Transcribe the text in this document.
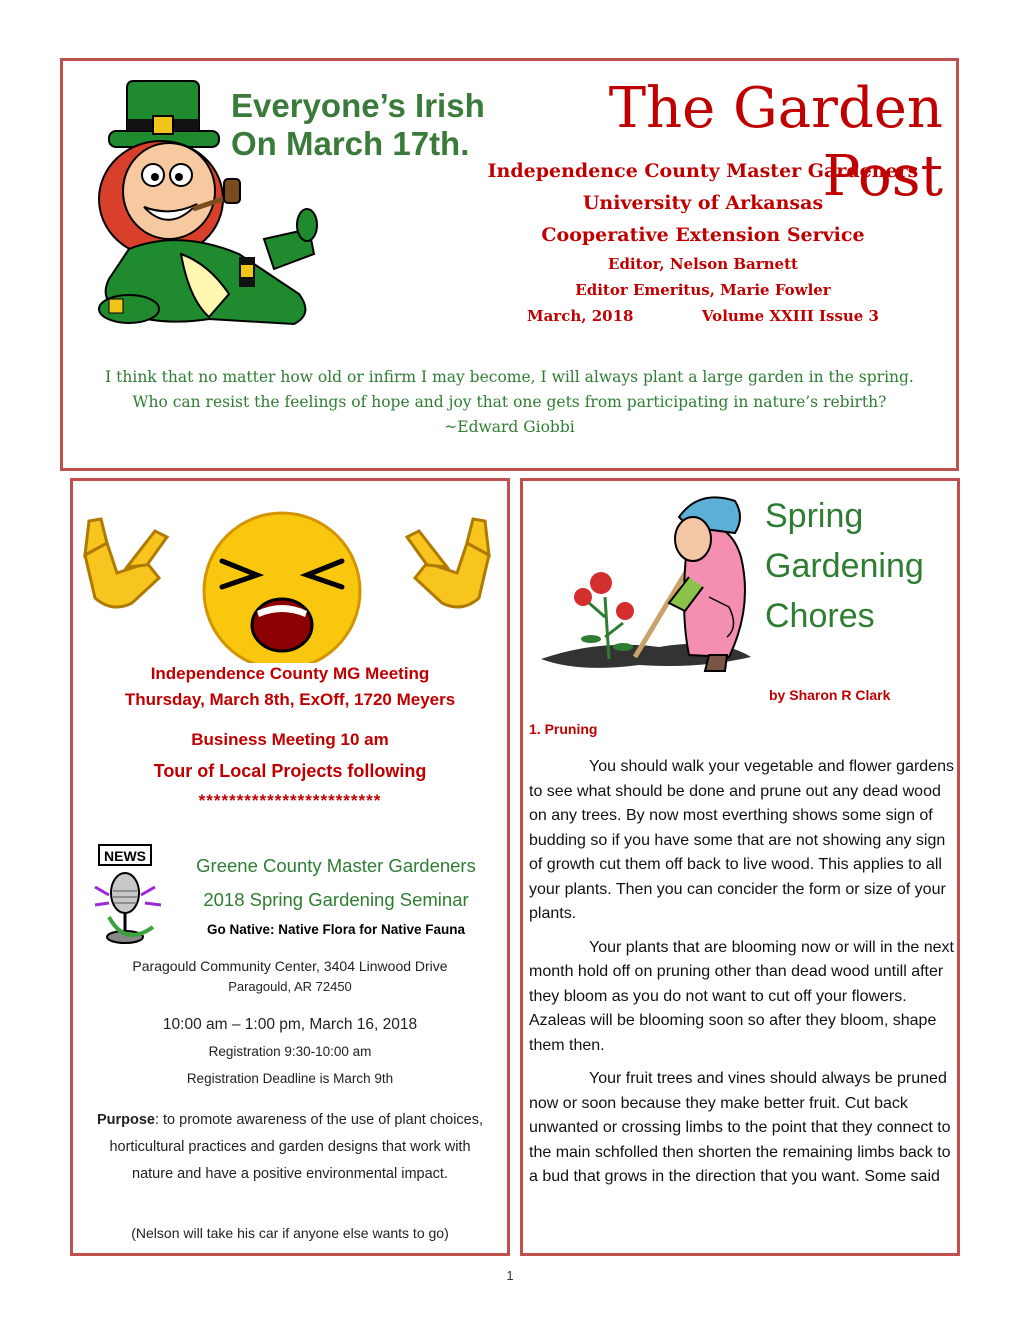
Everyone’s Irish
On March 17th.
The Garden Post
Independence County Master Gardeners
University of Arkansas
Cooperative Extension Service
Editor, Nelson Barnett
Editor Emeritus, Marie Fowler
March, 2018	Volume XXIII Issue 3

I think that no matter how old or infirm I may become, I will always plant a large garden in the spring.

Who can resist the feelings of hope and joy that one gets from participating in nature’s rebirth?

~Edward Giobbi

Independence County MG Meeting
Thursday, March 8th, ExOff, 1720 Meyers
Business Meeting 10 am
Tour of Local Projects following
************************
NEWS	Greene County Master Gardeners
2018 Spring Gardening Seminar
Go Native: Native Flora for Native Fauna
Paragould Community Center, 3404 Linwood Drive
Paragould, AR 72450
10:00 am – 1:00 pm, March 16, 2018
Registration 9:30-10:00 am
Registration Deadline is March 9th
Purpose: to promote awareness of the use of plant choices, horticultural practices and garden designs that work with nature and have a positive environmental impact.
(Nelson will take his car if anyone else wants to go)
Spring
Gardening
Chores
by Sharon R Clark
1. Pruning

You should walk your vegetable and flower gardens to see what should be done and prune out any dead wood on any trees. By now most everthing shows some sign of budding so if you have some that are not showing any sign of growth cut them off back to live wood. This applies to all your plants. Then you can concider the form or size of your plants.

Your plants that are blooming now or will in the next month hold off on pruning other than dead wood untill after they bloom as you do not want to cut off your flowers. Azaleas will be blooming soon so after they bloom, shape them then.

Your fruit trees and vines should always be pruned now or soon because they make better fruit. Cut back unwanted or crossing limbs to the point that they connect to the main schfolled then shorten the remaining limbs back to a bud that grows in the direction that you want. Some said

1
